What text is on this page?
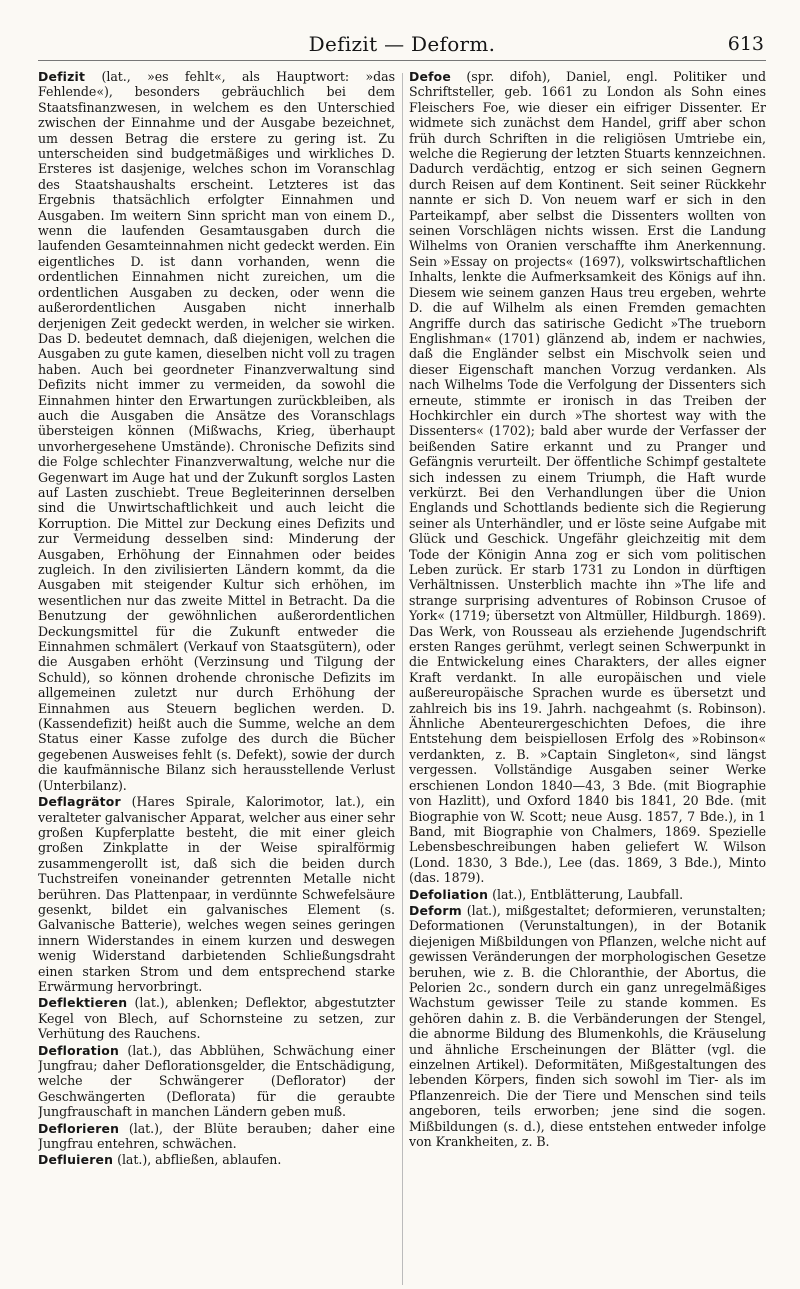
Defizit — Deform.	613

Defizit (lat., »es fehlt«, als Hauptwort: »das Fehlende«), besonders gebräuchlich bei dem Staatsfinanzwesen, in welchem es den Unterschied zwischen der Einnahme und der Ausgabe bezeichnet, um dessen Betrag die erstere zu gering ist. Zu unterscheiden sind budgetmäßiges und wirkliches D. Ersteres ist dasjenige, welches schon im Voranschlag des Staatshaushalts erscheint. Letzteres ist das Ergebnis thatsächlich erfolgter Einnahmen und Ausgaben. Im weitern Sinn spricht man von einem D., wenn die laufenden Gesamtausgaben durch die laufenden Gesamteinnahmen nicht gedeckt werden. Ein eigentliches D. ist dann vorhanden, wenn die ordentlichen Einnahmen nicht zureichen, um die ordentlichen Ausgaben zu decken, oder wenn die außerordentlichen Ausgaben nicht innerhalb derjenigen Zeit gedeckt werden, in welcher sie wirken. Das D. bedeutet demnach, daß diejenigen, welchen die Ausgaben zu gute kamen, dieselben nicht voll zu tragen haben. Auch bei geordneter Finanzverwaltung sind Defizits nicht immer zu vermeiden, da sowohl die Einnahmen hinter den Erwartungen zurückbleiben, als auch die Ausgaben die Ansätze des Voranschlags übersteigen können (Mißwachs, Krieg, überhaupt unvorhergesehene Umstände). Chronische Defizits sind die Folge schlechter Finanzverwaltung, welche nur die Gegenwart im Auge hat und der Zukunft sorglos Lasten auf Lasten zuschiebt. Treue Begleiterinnen derselben sind die Unwirtschaftlichkeit und auch leicht die Korruption. Die Mittel zur Deckung eines Defizits und zur Vermeidung desselben sind: Minderung der Ausgaben, Erhöhung der Einnahmen oder beides zugleich. In den zivilisierten Ländern kommt, da die Ausgaben mit steigender Kultur sich erhöhen, im wesentlichen nur das zweite Mittel in Betracht. Da die Benutzung der gewöhnlichen außerordentlichen Deckungsmittel für die Zukunft entweder die Einnahmen schmälert (Verkauf von Staatsgütern), oder die Ausgaben erhöht (Verzinsung und Tilgung der Schuld), so können drohende chronische Defizits im allgemeinen zuletzt nur durch Erhöhung der Einnahmen aus Steuern beglichen werden. D. (Kassendefizit) heißt auch die Summe, welche an dem Status einer Kasse zufolge des durch die Bücher gegebenen Ausweises fehlt (s. Defekt), sowie der durch die kaufmännische Bilanz sich herausstellende Verlust (Unterbilanz).

Deflagrätor (Hares Spirale, Kalorimotor, lat.), ein veralteter galvanischer Apparat, welcher aus einer sehr großen Kupferplatte besteht, die mit einer gleich großen Zinkplatte in der Weise spiralförmig zusammengerollt ist, daß sich die beiden durch Tuchstreifen voneinander getrennten Metalle nicht berühren. Das Plattenpaar, in verdünnte Schwefelsäure gesenkt, bildet ein galvanisches Element (s. Galvanische Batterie), welches wegen seines geringen innern Widerstandes in einem kurzen und deswegen wenig Widerstand darbietenden Schließungsdraht einen starken Strom und dem entsprechend starke Erwärmung hervorbringt.

Deflektieren (lat.), ablenken; Deflektor, abgestutzter Kegel von Blech, auf Schornsteine zu setzen, zur Verhütung des Rauchens.

Defloration (lat.), das Abblühen, Schwächung einer Jungfrau; daher Deflorationsgelder, die Entschädigung, welche der Schwängerer (Deflorator) der Geschwängerten (Deflorata) für die geraubte Jungfrauschaft in manchen Ländern geben muß.

Deflorieren (lat.), der Blüte berauben; daher eine Jungfrau entehren, schwächen.

Defluieren (lat.), abfließen, ablaufen.

Defoe (spr. difoh), Daniel, engl. Politiker und Schriftsteller, geb. 1661 zu London als Sohn eines Fleischers Foe, wie dieser ein eifriger Dissenter. Er widmete sich zunächst dem Handel, griff aber schon früh durch Schriften in die religiösen Umtriebe ein, welche die Regierung der letzten Stuarts kennzeichnen. Dadurch verdächtig, entzog er sich seinen Gegnern durch Reisen auf dem Kontinent. Seit seiner Rückkehr nannte er sich D. Von neuem warf er sich in den Parteikampf, aber selbst die Dissenters wollten von seinen Vorschlägen nichts wissen. Erst die Landung Wilhelms von Oranien verschaffte ihm Anerkennung. Sein »Essay on projects« (1697), volkswirtschaftlichen Inhalts, lenkte die Aufmerksamkeit des Königs auf ihn. Diesem wie seinem ganzen Haus treu ergeben, wehrte D. die auf Wilhelm als einen Fremden gemachten Angriffe durch das satirische Gedicht »The trueborn Englishman« (1701) glänzend ab, indem er nachwies, daß die Engländer selbst ein Mischvolk seien und dieser Eigenschaft manchen Vorzug verdanken. Als nach Wilhelms Tode die Verfolgung der Dissenters sich erneute, stimmte er ironisch in das Treiben der Hochkirchler ein durch »The shortest way with the Dissenters« (1702); bald aber wurde der Verfasser der beißenden Satire erkannt und zu Pranger und Gefängnis verurteilt. Der öffentliche Schimpf gestaltete sich indessen zu einem Triumph, die Haft wurde verkürzt. Bei den Verhandlungen über die Union Englands und Schottlands bediente sich die Regierung seiner als Unterhändler, und er löste seine Aufgabe mit Glück und Geschick. Ungefähr gleichzeitig mit dem Tode der Königin Anna zog er sich vom politischen Leben zurück. Er starb 1731 zu London in dürftigen Verhältnissen. Unsterblich machte ihn »The life and strange surprising adventures of Robinson Crusoe of York« (1719; übersetzt von Altmüller, Hildburgh. 1869). Das Werk, von Rousseau als erziehende Jugendschrift ersten Ranges gerühmt, verlegt seinen Schwerpunkt in die Entwickelung eines Charakters, der alles eigner Kraft verdankt. In alle europäischen und viele außereuropäische Sprachen wurde es übersetzt und zahlreich bis ins 19. Jahrh. nachgeahmt (s. Robinson). Ähnliche Abenteurergeschichten Defoes, die ihre Entstehung dem beispiellosen Erfolg des »Robinson« verdankten, z. B. »Captain Singleton«, sind längst vergessen. Vollständige Ausgaben seiner Werke erschienen London 1840—43, 3 Bde. (mit Biographie von Hazlitt), und Oxford 1840 bis 1841, 20 Bde. (mit Biographie von W. Scott; neue Ausg. 1857, 7 Bde.), in 1 Band, mit Biographie von Chalmers, 1869. Spezielle Lebensbeschreibungen haben geliefert W. Wilson (Lond. 1830, 3 Bde.), Lee (das. 1869, 3 Bde.), Minto (das. 1879).

Defoliation (lat.), Entblätterung, Laubfall.

Deform (lat.), mißgestaltet; deformieren, verunstalten; Deformationen (Verunstaltungen), in der Botanik diejenigen Mißbildungen von Pflanzen, welche nicht auf gewissen Veränderungen der morphologischen Gesetze beruhen, wie z. B. die Chloranthie, der Abortus, die Pelorien 2c., sondern durch ein ganz unregelmäßiges Wachstum gewisser Teile zu stande kommen. Es gehören dahin z. B. die Verbänderungen der Stengel, die abnorme Bildung des Blumenkohls, die Kräuselung und ähnliche Erscheinungen der Blätter (vgl. die einzelnen Artikel). Deformitäten, Mißgestaltungen des lebenden Körpers, finden sich sowohl im Tier- als im Pflanzenreich. Die der Tiere und Menschen sind teils angeboren, teils erworben; jene sind die sogen. Mißbildungen (s. d.), diese entstehen entweder infolge von Krankheiten, z. B.
